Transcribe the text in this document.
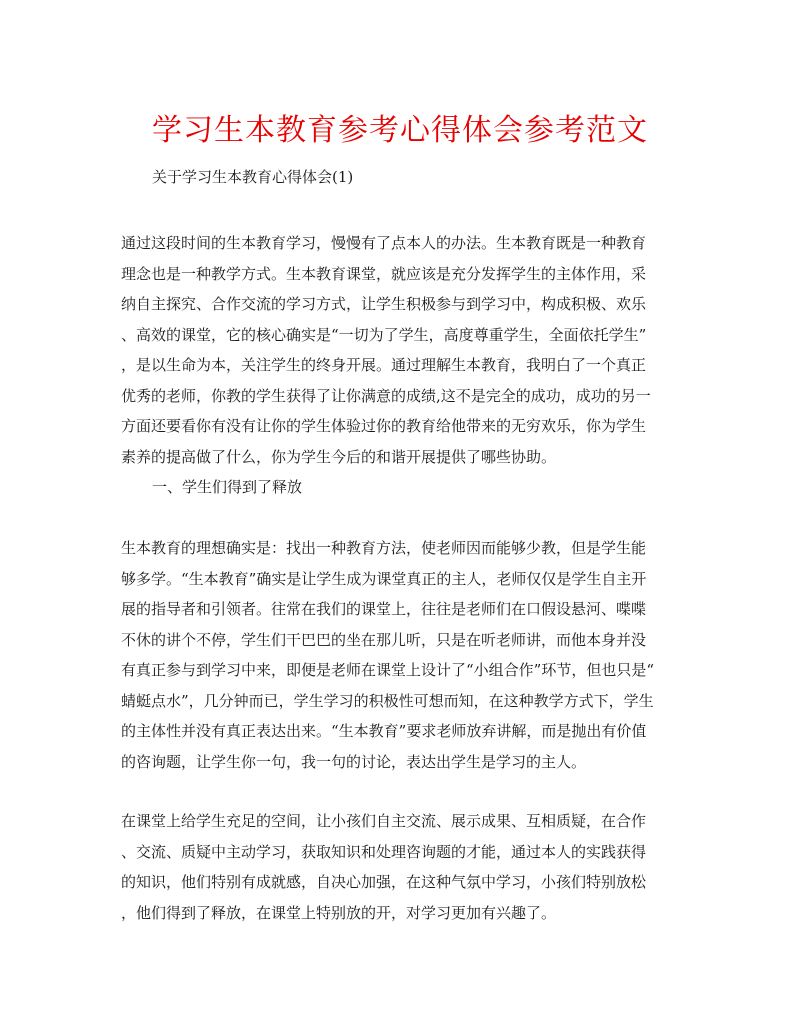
学习生本教育参考心得体会参考范文
关于学习生本教育心得体会(1)

通过这段时间的生本教育学习，慢慢有了点本人的办法。生本教育既是一种教育
理念也是一种教学方式。生本教育课堂，就应该是充分发挥学生的主体作用，采
纳自主探究、合作交流的学习方式，让学生积极参与到学习中，构成积极、欢乐
、高效的课堂，它的核心确实是“一切为了学生，高度尊重学生，全面依托学生”
，是以生命为本，关注学生的终身开展。通过理解生本教育，我明白了一个真正
优秀的老师，你教的学生获得了让你满意的成绩,这不是完全的成功，成功的另一
方面还要看你有没有让你的学生体验过你的教育给他带来的无穷欢乐，你为学生
素养的提高做了什么，你为学生今后的和谐开展提供了哪些协助。

一、学生们得到了释放

生本教育的理想确实是：找出一种教育方法，使老师因而能够少教，但是学生能
够多学。“生本教育”确实是让学生成为课堂真正的主人，老师仅仅是学生自主开
展的指导者和引领者。往常在我们的课堂上，往往是老师们在口假设悬河、喋喋
不休的讲个不停，学生们干巴巴的坐在那儿听，只是在听老师讲，而他本身并没
有真正参与到学习中来，即便是老师在课堂上设计了“小组合作”环节，但也只是“
蜻蜓点水”，几分钟而已，学生学习的积极性可想而知，在这种教学方式下，学生
的主体性并没有真正表达出来。“生本教育”要求老师放弃讲解，而是抛出有价值
的咨询题，让学生你一句，我一句的讨论，表达出学生是学习的主人。

在课堂上给学生充足的空间，让小孩们自主交流、展示成果、互相质疑，在合作
、交流、质疑中主动学习，获取知识和处理咨询题的才能，通过本人的实践获得
的知识，他们特别有成就感，自决心加强，在这种气氛中学习，小孩们特别放松
，他们得到了释放，在课堂上特别放的开，对学习更加有兴趣了。
